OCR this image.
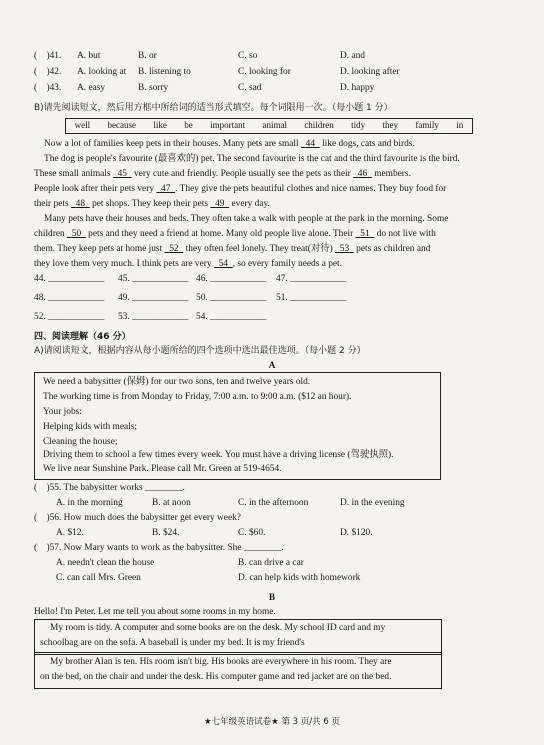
(　)41. A. but	B. or	C. so	D. and
(　)42. A. looking at B. listening to	C. looking for	D. looking after
(　)43. A. easy	B. sorry	C. sad	D. happy
B)请先阅读短文，然后用方框中所给词的适当形式填空。每个词限用一次。（每小题 1 分）
well because like be important animal children tidy they family in
Now a lot of families keep pets in their houses. Many pets are small 44 like dogs, cats and birds.
The dog is people's favourite (最喜欢的) pet. The second favourite is the cat and the third favourite is the bird.
These small animals 45 very cute and friendly. People usually see the pets as their 46 members.
People look after their pets very 47 . They give the pets beautiful clothes and nice names. They buy food for
their pets 48 pet shops. They keep their pets 49 every day.
Many pets have their houses and beds. They often take a walk with people at the park in the morning. Some
children 50 pets and they need a friend at home. Many old people live alone. Their 51 do not live with
them. They keep pets at home just 52 they often feel lonely. They treat(对待) 53 pets as children and
they love them very much. I think pets are very 54 , so every family needs a pet.
44. ____________ 45. ____________ 46. ____________ 47. ____________
48. ____________ 49. ____________ 50. ____________ 51. ____________
52. ____________ 53. ____________ 54. ____________
四、阅读理解（46 分）
A)请阅读短文，根据内容从每小题所给的四个选项中选出最佳选项。（每小题 2 分）
A
We need a babysitter (保姆) for our two sons, ten and twelve years old.
The working time is from Monday to Friday, 7:00 a.m. to 9:00 a.m. ($12 an hour).
Your jobs:
Helping kids with meals;
Cleaning the house;
Driving them to school a few times every week. You must have a driving license (驾驶执照).
We live near Sunshine Park. Please call Mr. Green at 519-4654.
(　)55. The babysitter works ________.
A. in the morning	B. at noon	C. in the afternoon	D. in the evening
(　)56. How much does the babysitter get every week?
A. $12.	B. $24.	C. $60.	D. $120.
(　)57. Now Mary wants to work as the babysitter. She ________.
A. needn't clean the house	B. can drive a car
C. can call Mrs. Green	D. can help kids with homework
B
Hello! I'm Peter. Let me tell you about some rooms in my home.
My room is tidy. A computer and some books are on the desk. My school ID card and my
schoolbag are on the sofa. A baseball is under my bed. It is my friend's
My brother Alan is ten. His room isn't big. His books are everywhere in his room. They are
on the bed, on the chair and under the desk. His computer game and red jacket are on the bed.
★七年级英语试卷★ 第 3 页/共 6 页
